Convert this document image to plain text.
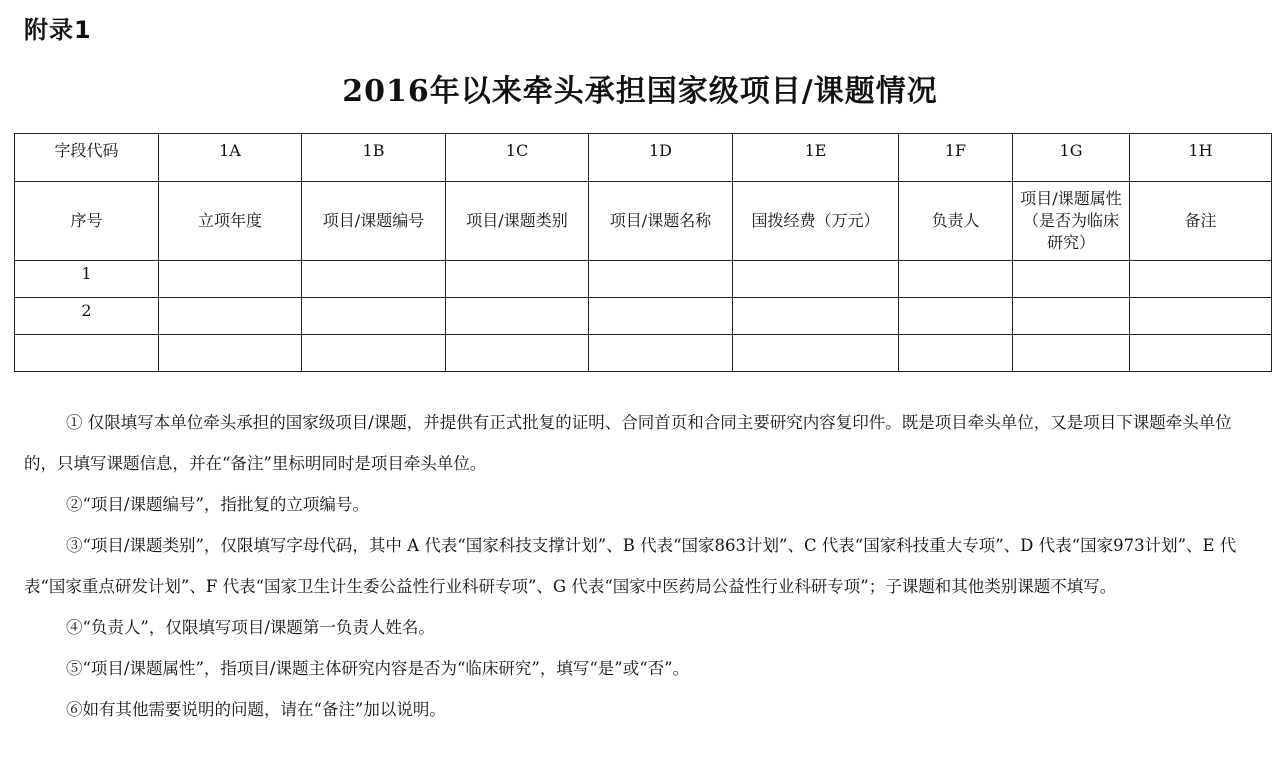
附录1
2016年以来牵头承担国家级项目/课题情况
字段代码	1A	1B	1C	1D	1E	1F	1G	1H
序号	立项年度	项目/课题编号	项目/课题类别	项目/课题名称	国拨经费（万元）	负责人	项目/课题属性（是否为临床研究）	备注
1								
2								

① 仅限填写本单位牵头承担的国家级项目/课题，并提供有正式批复的证明、合同首页和合同主要研究内容复印件。既是项目牵头单位，又是项目下课题牵头单位的，只填写课题信息，并在“备注”里标明同时是项目牵头单位。

②“项目/课题编号”，指批复的立项编号。

③“项目/课题类别”，仅限填写字母代码，其中 A 代表“国家科技支撑计划”、B 代表“国家863计划”、C 代表“国家科技重大专项”、D 代表“国家973计划”、E 代表“国家重点研发计划”、F 代表“国家卫生计生委公益性行业科研专项”、G 代表“国家中医药局公益性行业科研专项”；子课题和其他类别课题不填写。

④“负责人”，仅限填写项目/课题第一负责人姓名。

⑤“项目/课题属性”，指项目/课题主体研究内容是否为“临床研究”，填写“是”或“否”。

⑥如有其他需要说明的问题，请在“备注”加以说明。
